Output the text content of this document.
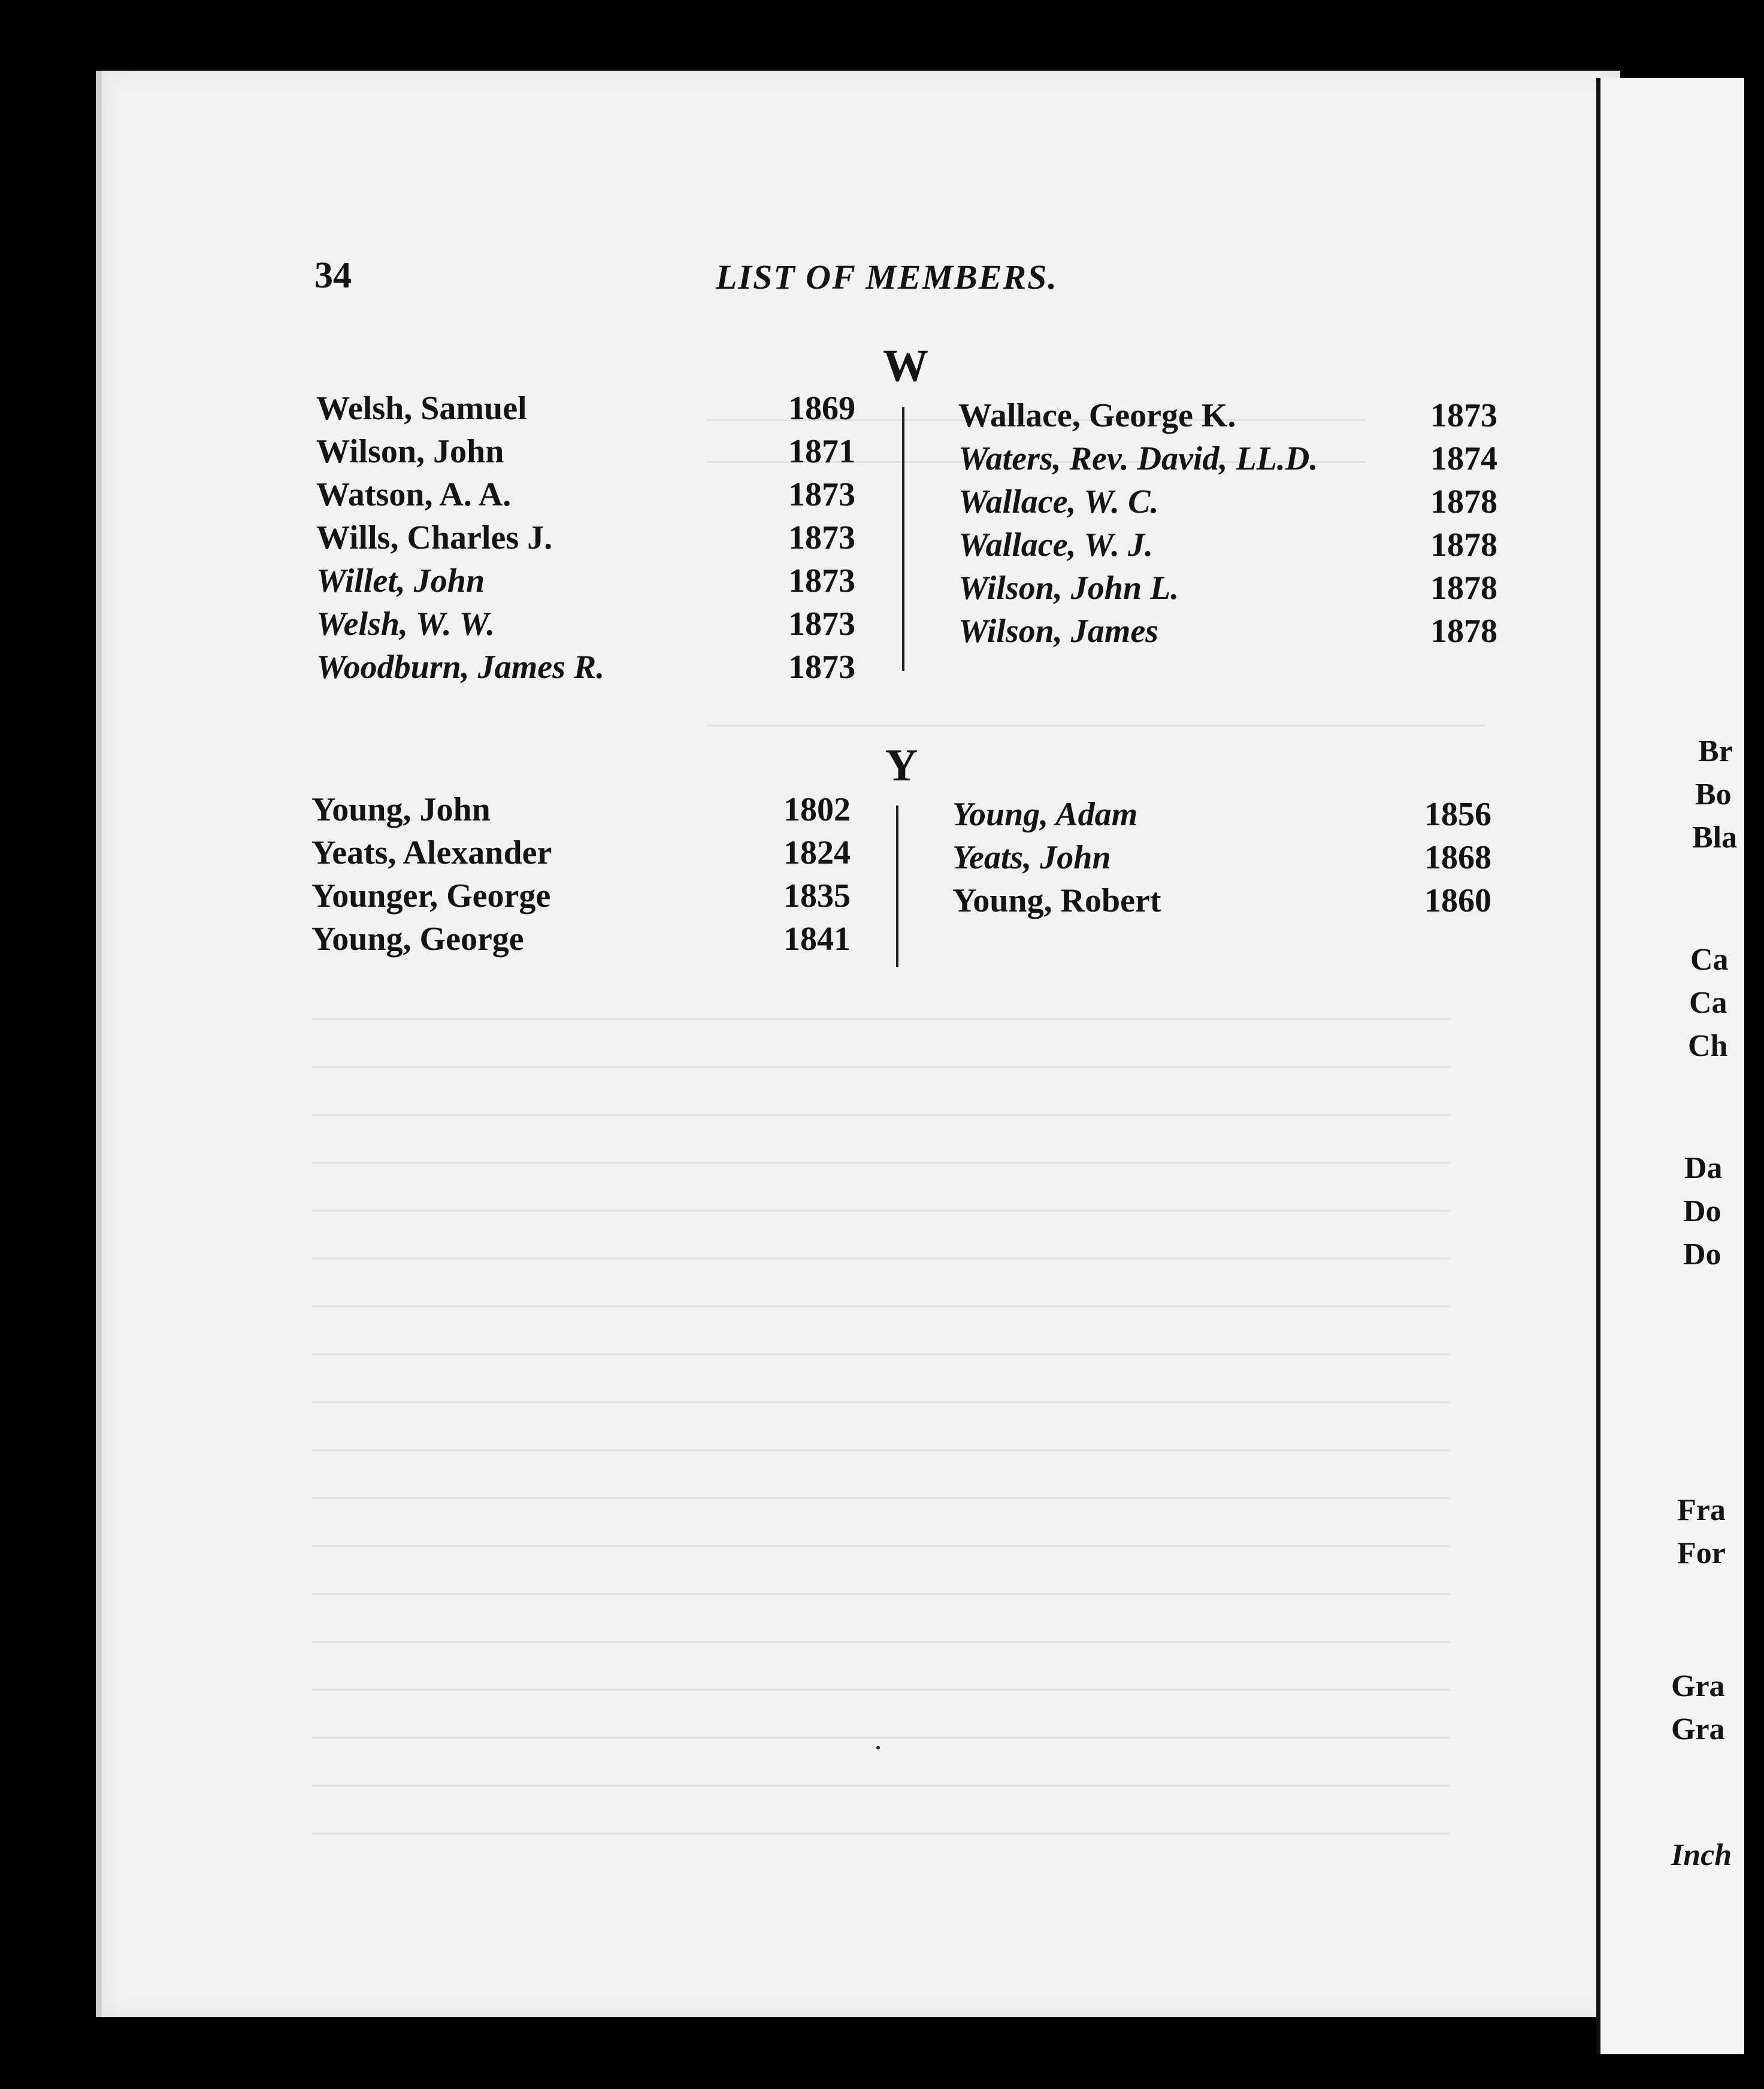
34	LIST OF MEMBERS.
W
Welsh, Samuel	1869
Wilson, John	1871
Watson, A. A.	1873
Wills, Charles J.	1873
Willet, John	1873
Welsh, W. W.	1873
Woodburn, James R.	1873
Wallace, George K.	1873
Waters, Rev. David, LL.D.	1874
Wallace, W. C.	1878
Wallace, W. J.	1878
Wilson, John L.	1878
Wilson, James	1878
Y
Young, John	1802
Yeats, Alexander	1824
Younger, George	1835
Young, George	1841
Young, Adam	1856
Yeats, John	1868
Young, Robert	1860
Br
Bo
Bla
Ca
Ca
Ch
Da
Do
Do
Fra
For
Gra
Gra
Inch
